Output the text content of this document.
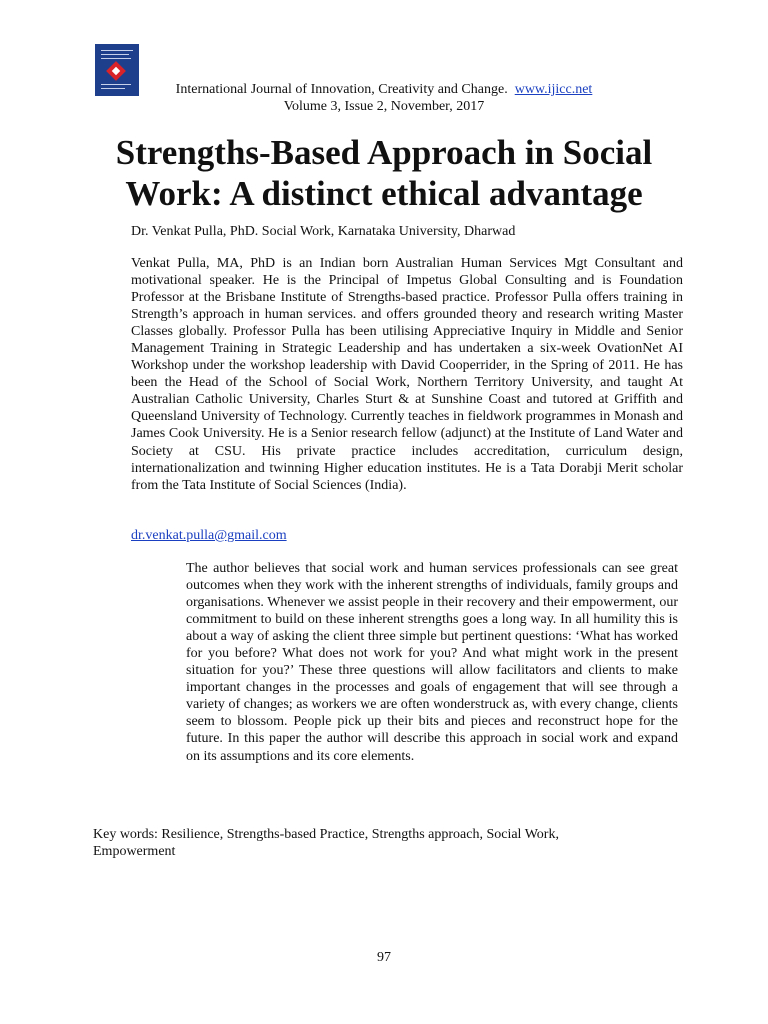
International Journal of Innovation, Creativity and Change. www.ijicc.net
Volume 3, Issue 2, November, 2017
Strengths-Based Approach in Social
Work: A distinct ethical advantage
Dr. Venkat Pulla, PhD. Social Work, Karnataka University, Dharwad

Venkat Pulla, MA, PhD is an Indian born Australian Human Services Mgt Consultant and motivational speaker. He is the Principal of Impetus Global Consulting and is Foundation Professor at the Brisbane Institute of Strengths-based practice. Professor Pulla offers training in Strength’s approach in human services. and offers grounded theory and research writing Master Classes globally. Professor Pulla has been utilising Appreciative Inquiry in Middle and Senior Management Training in Strategic Leadership and has undertaken a six-week OvationNet AI Workshop under the workshop leadership with David Cooperrider, in the Spring of 2011. He has been the Head of the School of Social Work, Northern Territory University, and taught At Australian Catholic University, Charles Sturt & at Sunshine Coast and tutored at Griffith and Queensland University of Technology. Currently teaches in fieldwork programmes in Monash and James Cook University. He is a Senior research fellow (adjunct) at the Institute of Land Water and Society at CSU. His private practice includes accreditation, curriculum design, internationalization and twinning Higher education institutes. He is a Tata Dorabji Merit scholar from the Tata Institute of Social Sciences (India).

dr.venkat.pulla@gmail.com

The author believes that social work and human services professionals can see great outcomes when they work with the inherent strengths of individuals, family groups and organisations. Whenever we assist people in their recovery and their empowerment, our commitment to build on these inherent strengths goes a long way. In all humility this is about a way of asking the client three simple but pertinent questions: ‘What has worked for you before? What does not work for you? And what might work in the present situation for you?’ These three questions will allow facilitators and clients to make important changes in the processes and goals of engagement that will see through a variety of changes; as workers we are often wonderstruck as, with every change, clients seem to blossom. People pick up their bits and pieces and reconstruct hope for the future. In this paper the author will describe this approach in social work and expand on its assumptions and its core elements.

Key words: Resilience, Strengths-based Practice, Strengths approach, Social Work, Empowerment

97
